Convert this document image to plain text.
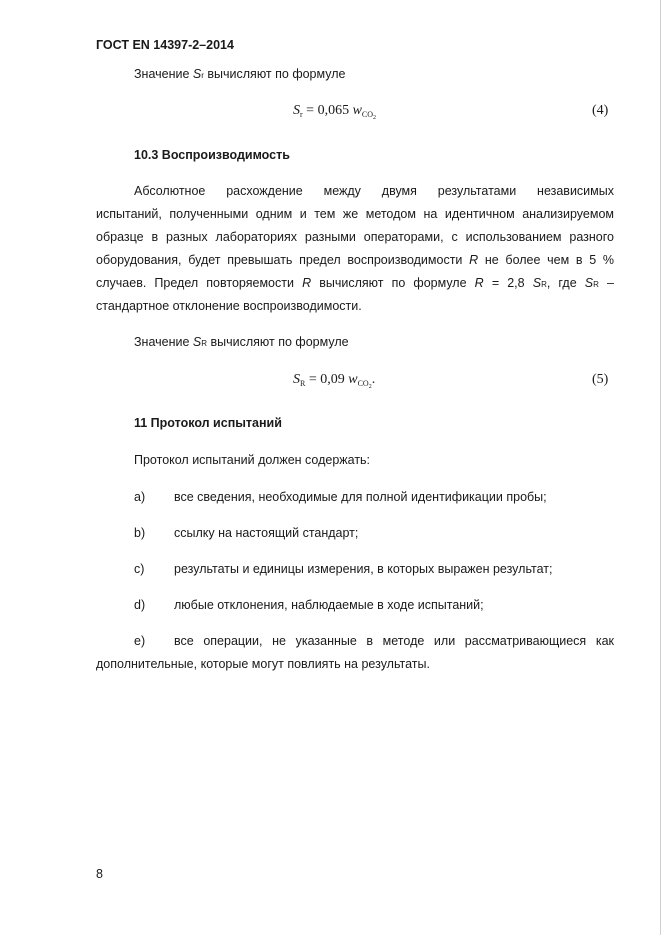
ГОСТ EN 14397-2–2014
Значение Sr вычисляют по формуле
$S_r = 0,065$ $w_{CO2}$	(4)
10.3 Воспроизводимость
Абсолютное расхождение между двумя результатами независимых
испытаний, полученными одним и тем же методом на идентичном анализируемом
образце в разных лабораториях разными операторами, с использованием разного
оборудования, будет превышать предел воспроизводимости R не более чем в 5 %
случаев. Предел повторяемости R вычисляют по формуле R = 2,8 SR, где SR –
стандартное отклонение воспроизводимости.
Значение SR вычисляют по формуле
$S_R = 0,09$ $w_{CO2}$.	(5)
11 Протокол испытаний
Протокол испытаний должен содержать:
a) все сведения, необходимые для полной идентификации пробы;
b) ссылку на настоящий стандарт;
c) результаты и единицы измерения, в которых выражен результат;
d) любые отклонения, наблюдаемые в ходе испытаний;
e) все операции, не указанные в методе или рассматривающиеся как
дополнительные, которые могут повлиять на результаты.
8
